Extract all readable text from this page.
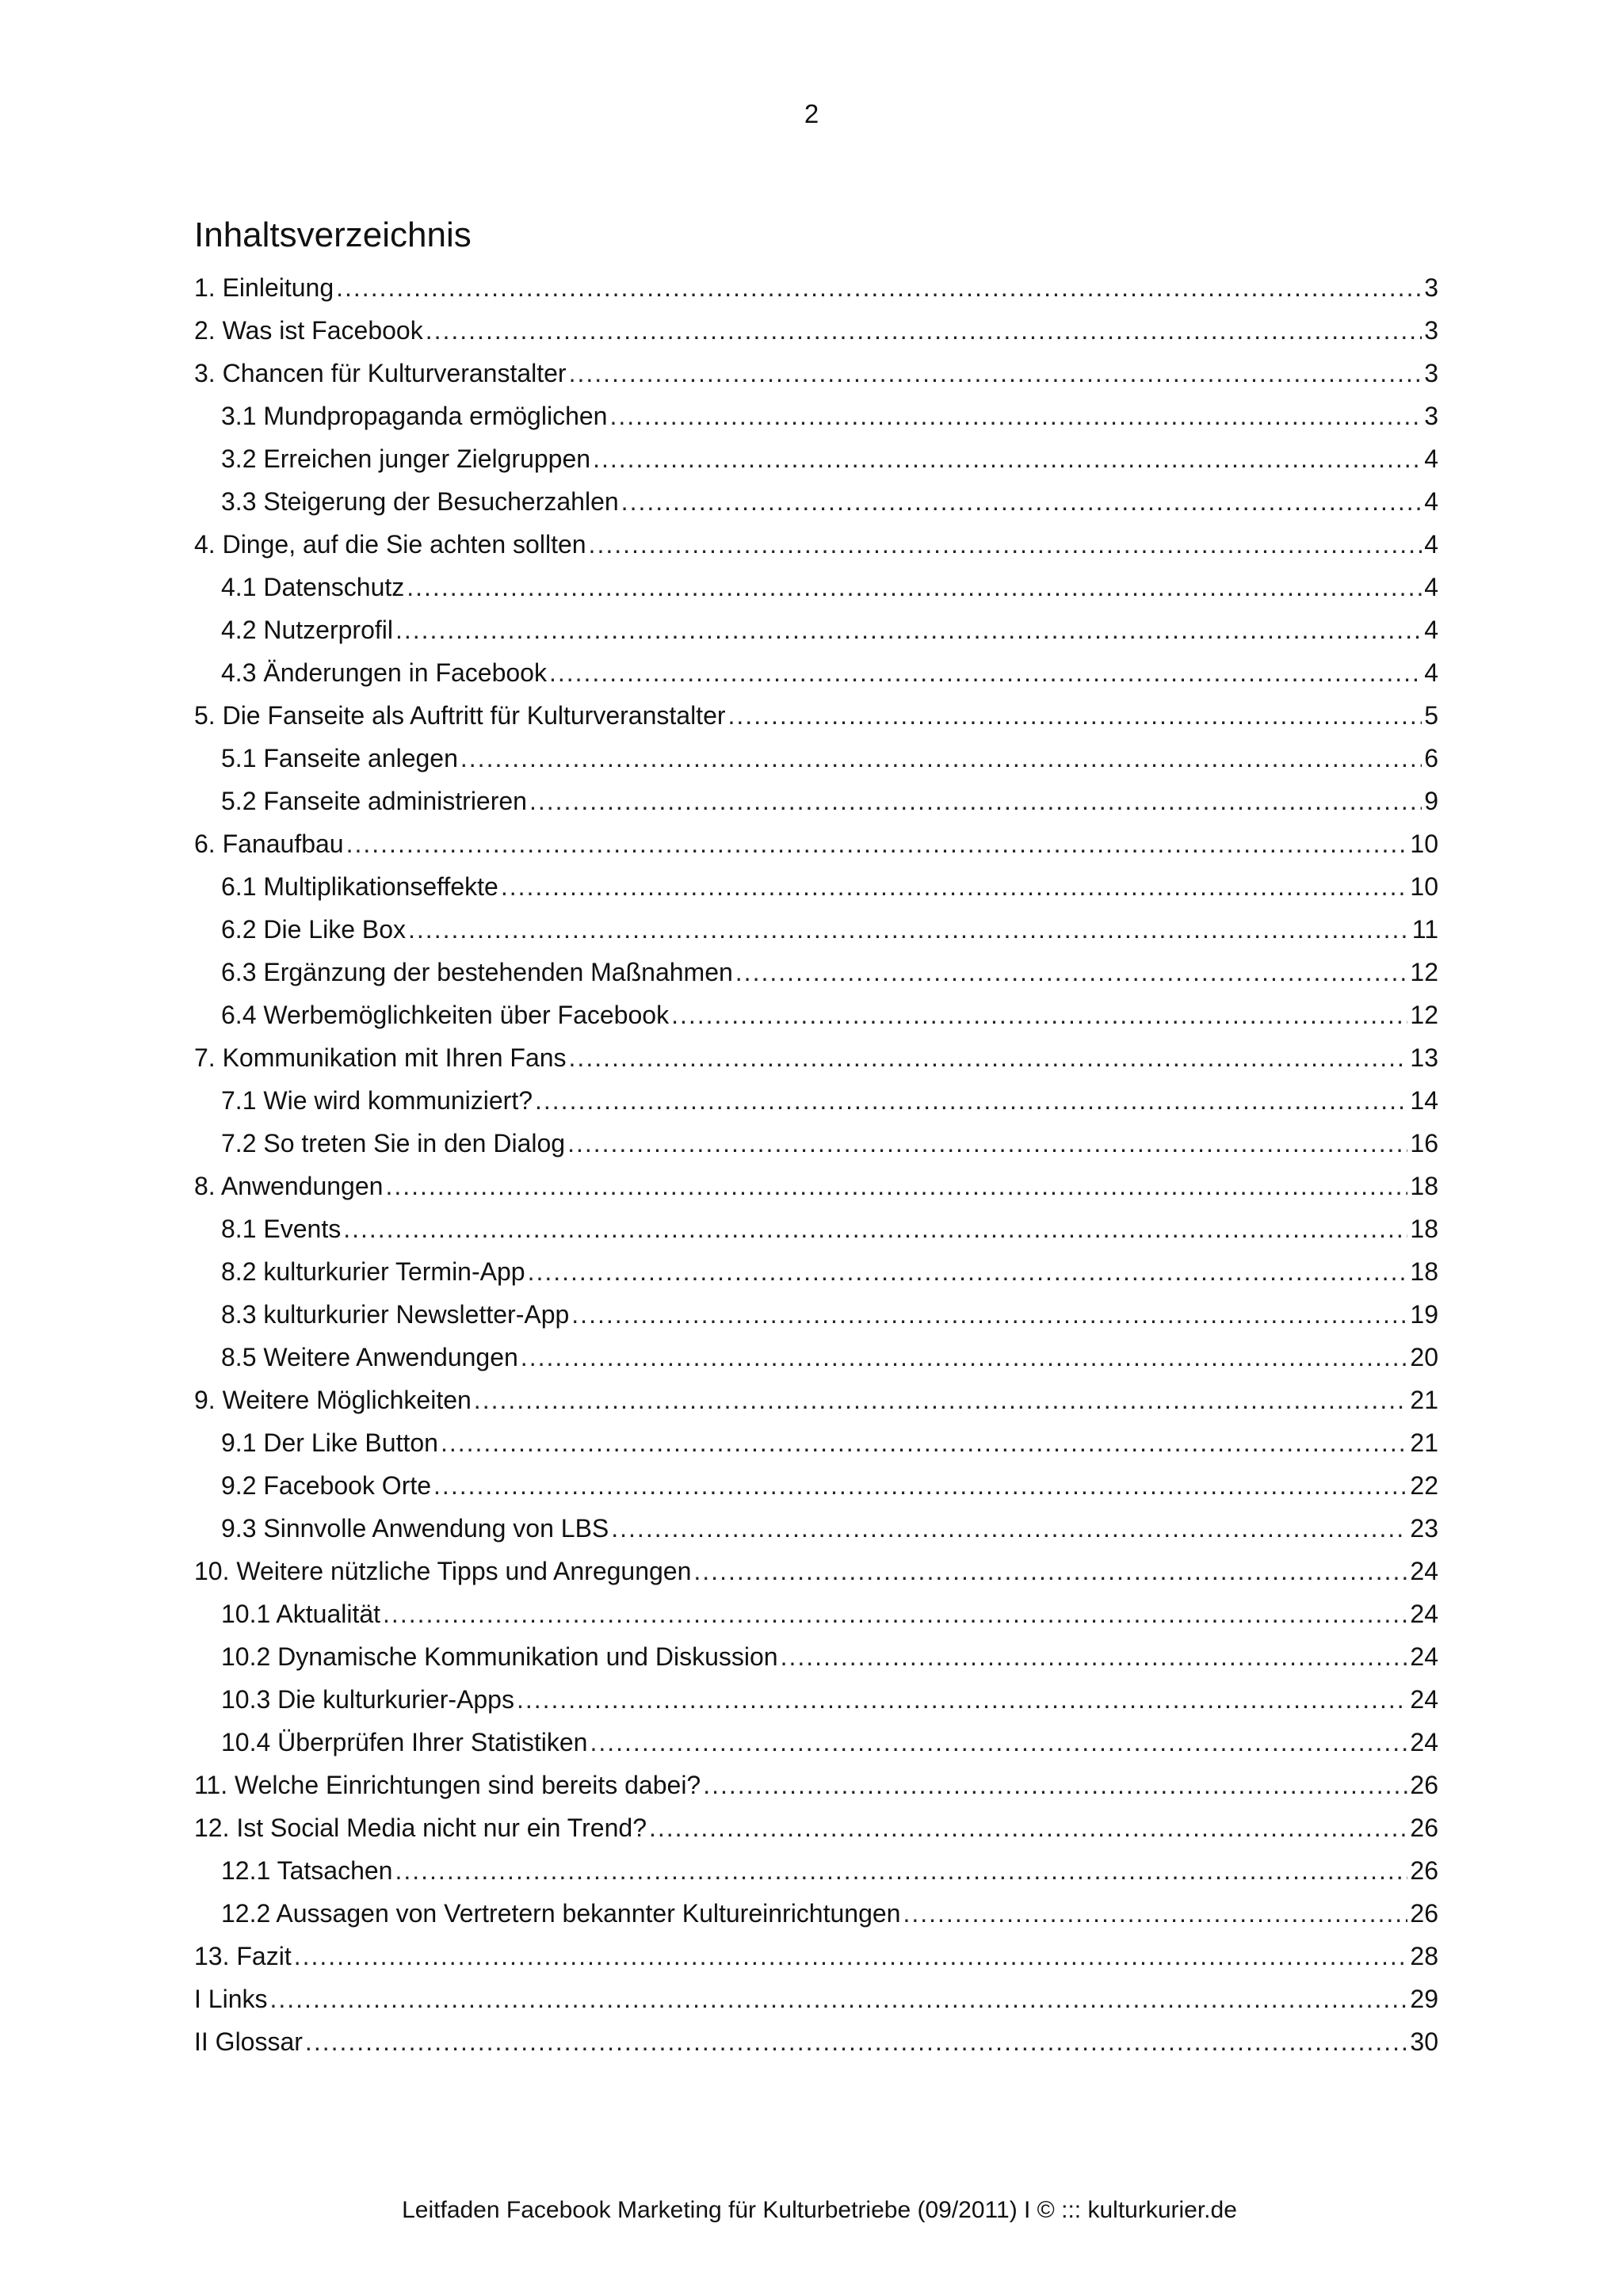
2
Inhaltsverzeichnis
1. Einleitung .....	3
2. Was ist Facebook .....	3
3. Chancen für Kulturveranstalter .....	3
3.1 Mundpropaganda ermöglichen .....	3
3.2 Erreichen junger Zielgruppen .....	4
3.3 Steigerung der Besucherzahlen .....	4
4. Dinge, auf die Sie achten sollten .....	4
4.1 Datenschutz .....	4
4.2 Nutzerprofil .....	4
4.3 Änderungen in Facebook .....	4
5. Die Fanseite als Auftritt für Kulturveranstalter .....	5
5.1 Fanseite anlegen .....	6
5.2 Fanseite administrieren .....	9
6. Fanaufbau .....	10
6.1 Multiplikationseffekte .....	10
6.2 Die Like Box .....	11
6.3 Ergänzung der bestehenden Maßnahmen .....	12
6.4 Werbemöglichkeiten über Facebook .....	12
7. Kommunikation mit Ihren Fans .....	13
7.1 Wie wird kommuniziert? .....	14
7.2 So treten Sie in den Dialog .....	16
8. Anwendungen .....	18
8.1 Events .....	18
8.2 kulturkurier Termin-App .....	18
8.3 kulturkurier Newsletter-App .....	19
8.5 Weitere Anwendungen .....	20
9. Weitere Möglichkeiten .....	21
9.1 Der Like Button .....	21
9.2 Facebook Orte .....	22
9.3 Sinnvolle Anwendung von LBS .....	23
10. Weitere nützliche Tipps und Anregungen .....	24
10.1 Aktualität .....	24
10.2 Dynamische Kommunikation und Diskussion .....	24
10.3 Die kulturkurier-Apps .....	24
10.4 Überprüfen Ihrer Statistiken .....	24
11. Welche Einrichtungen sind bereits dabei? .....	26
12. Ist Social Media nicht nur ein Trend? .....	26
12.1 Tatsachen .....	26
12.2 Aussagen von Vertretern bekannter Kultureinrichtungen .....	26
13. Fazit .....	28
I Links .....	29
II Glossar .....	30
Leitfaden Facebook Marketing für Kulturbetriebe (09/2011) I © ::: kulturkurier.de
